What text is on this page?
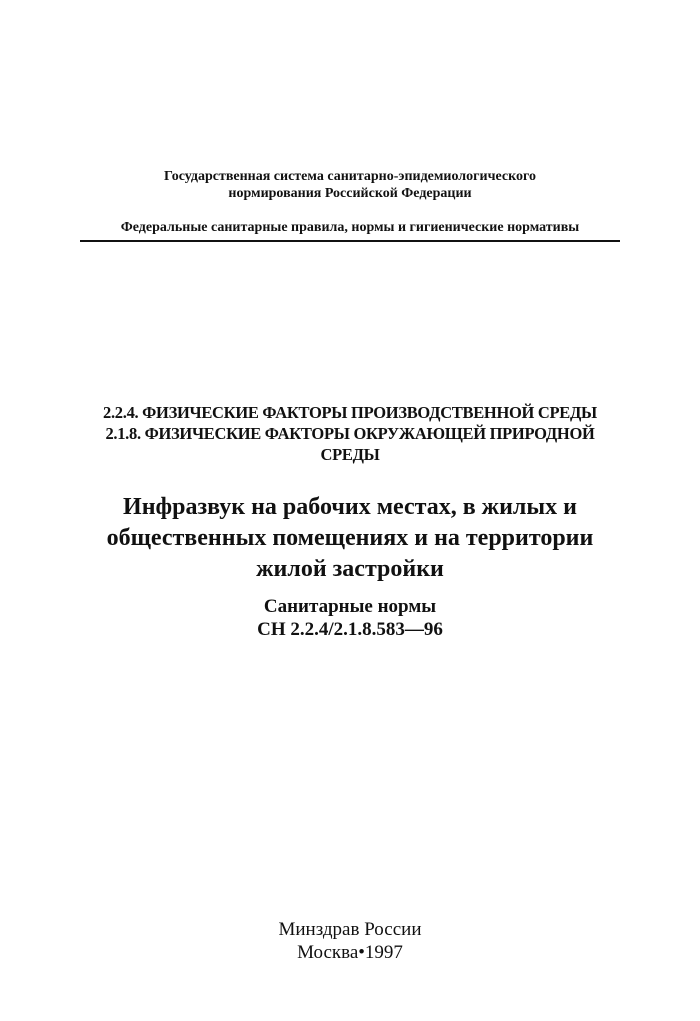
Государственная система санитарно-эпидемиологического
нормирования Российской Федерации
Федеральные санитарные правила, нормы и гигиенические нормативы
2.2.4. ФИЗИЧЕСКИЕ ФАКТОРЫ ПРОИЗВОДСТВЕННОЙ СРЕДЫ
2.1.8. ФИЗИЧЕСКИЕ ФАКТОРЫ ОКРУЖАЮЩЕЙ ПРИРОДНОЙ
СРЕДЫ
Инфразвук на рабочих местах, в жилых и
общественных помещениях и на территории
жилой застройки
Санитарные нормы
СН 2.2.4/2.1.8.583—96
Минздрав России
Москва•1997
